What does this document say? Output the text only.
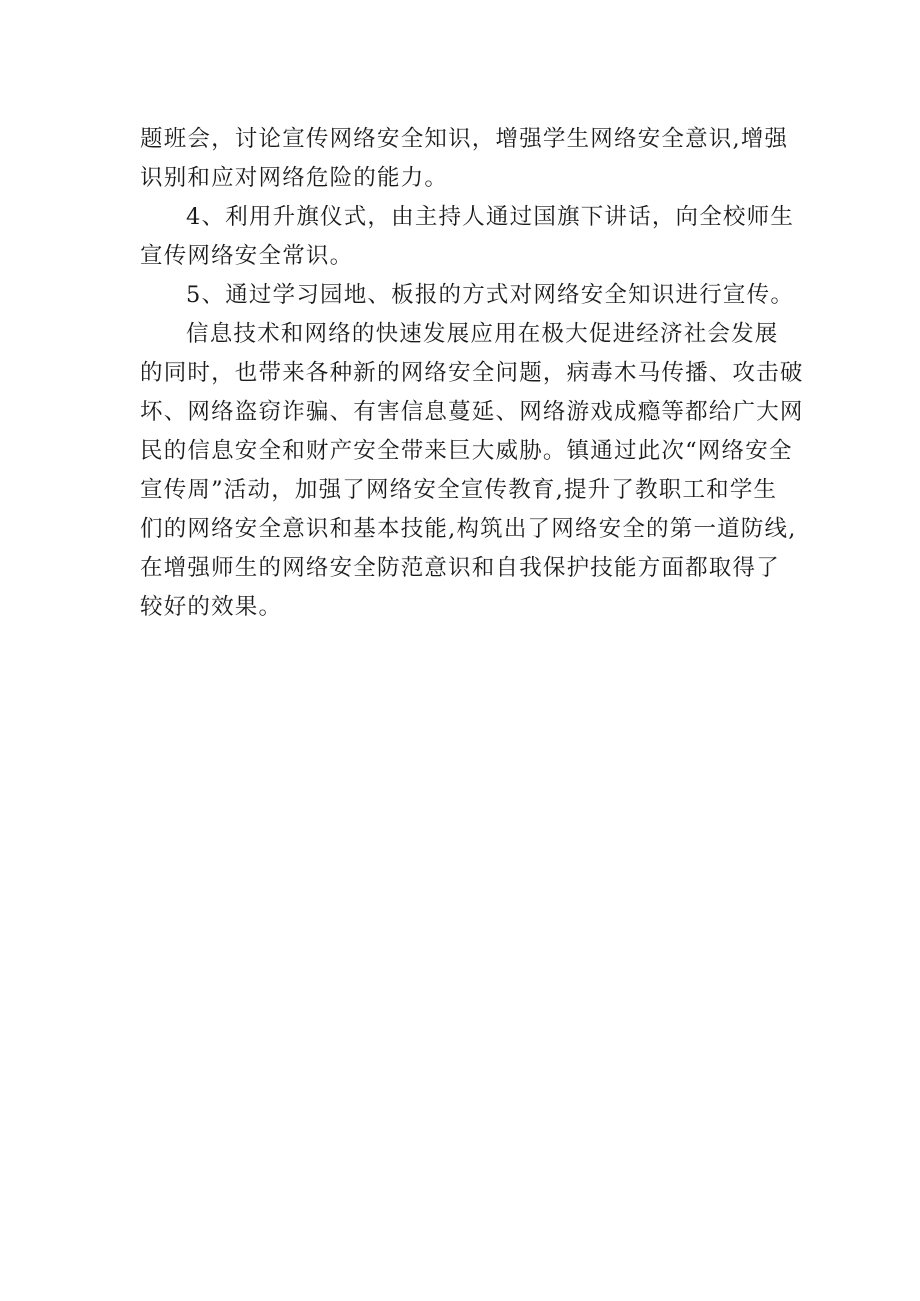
题班会，讨论宣传网络安全知识，增强学生网络安全意识,增强
识别和应对网络危险的能力。
4、利用升旗仪式，由主持人通过国旗下讲话，向全校师生
宣传网络安全常识。
5、通过学习园地、板报的方式对网络安全知识进行宣传。
信息技术和网络的快速发展应用在极大促进经济社会发展
的同时，也带来各种新的网络安全问题，病毒木马传播、攻击破
坏、网络盗窃诈骗、有害信息蔓延、网络游戏成瘾等都给广大网
民的信息安全和财产安全带来巨大威胁。镇通过此次“网络安全
宣传周”活动，加强了网络安全宣传教育,提升了教职工和学生
们的网络安全意识和基本技能,构筑出了网络安全的第一道防线,
在增强师生的网络安全防范意识和自我保护技能方面都取得了
较好的效果。
